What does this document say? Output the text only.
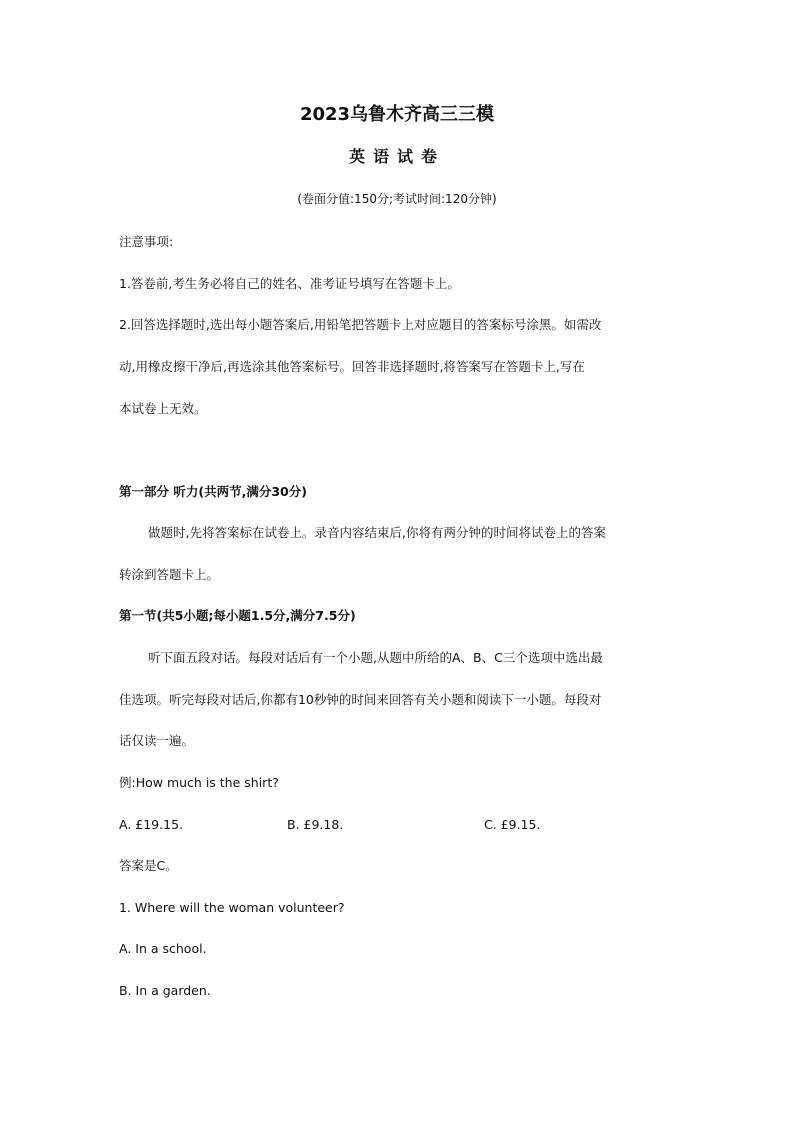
2023乌鲁木齐高三三模
英语试卷
(卷面分值:150分;考试时间:120分钟)
注意事项:
1.答卷前,考生务必将自己的姓名、准考证号填写在答题卡上。
2.回答选择题时,选出每小题答案后,用铅笔把答题卡上对应题目的答案标号涂黑。如需改
动,用橡皮擦干净后,再选涂其他答案标号。回答非选择题时,将答案写在答题卡上,写在
本试卷上无效。
第一部分 听力(共两节,满分30分)
做题时,先将答案标在试卷上。录音内容结束后,你将有两分钟的时间将试卷上的答案
转涂到答题卡上。
第一节(共5小题;每小题1.5分,满分7.5分)
听下面五段对话。每段对话后有一个小题,从题中所给的A、B、C三个选项中选出最
佳选项。听完每段对话后,你都有10秒钟的时间来回答有关小题和阅读下一小题。每段对
话仅读一遍。
例:How much is the shirt?
A. £19.15.	B. £9.18.	C. £9.15.
答案是C。
1. Where will the woman volunteer?
A. In a school.
B. In a garden.
